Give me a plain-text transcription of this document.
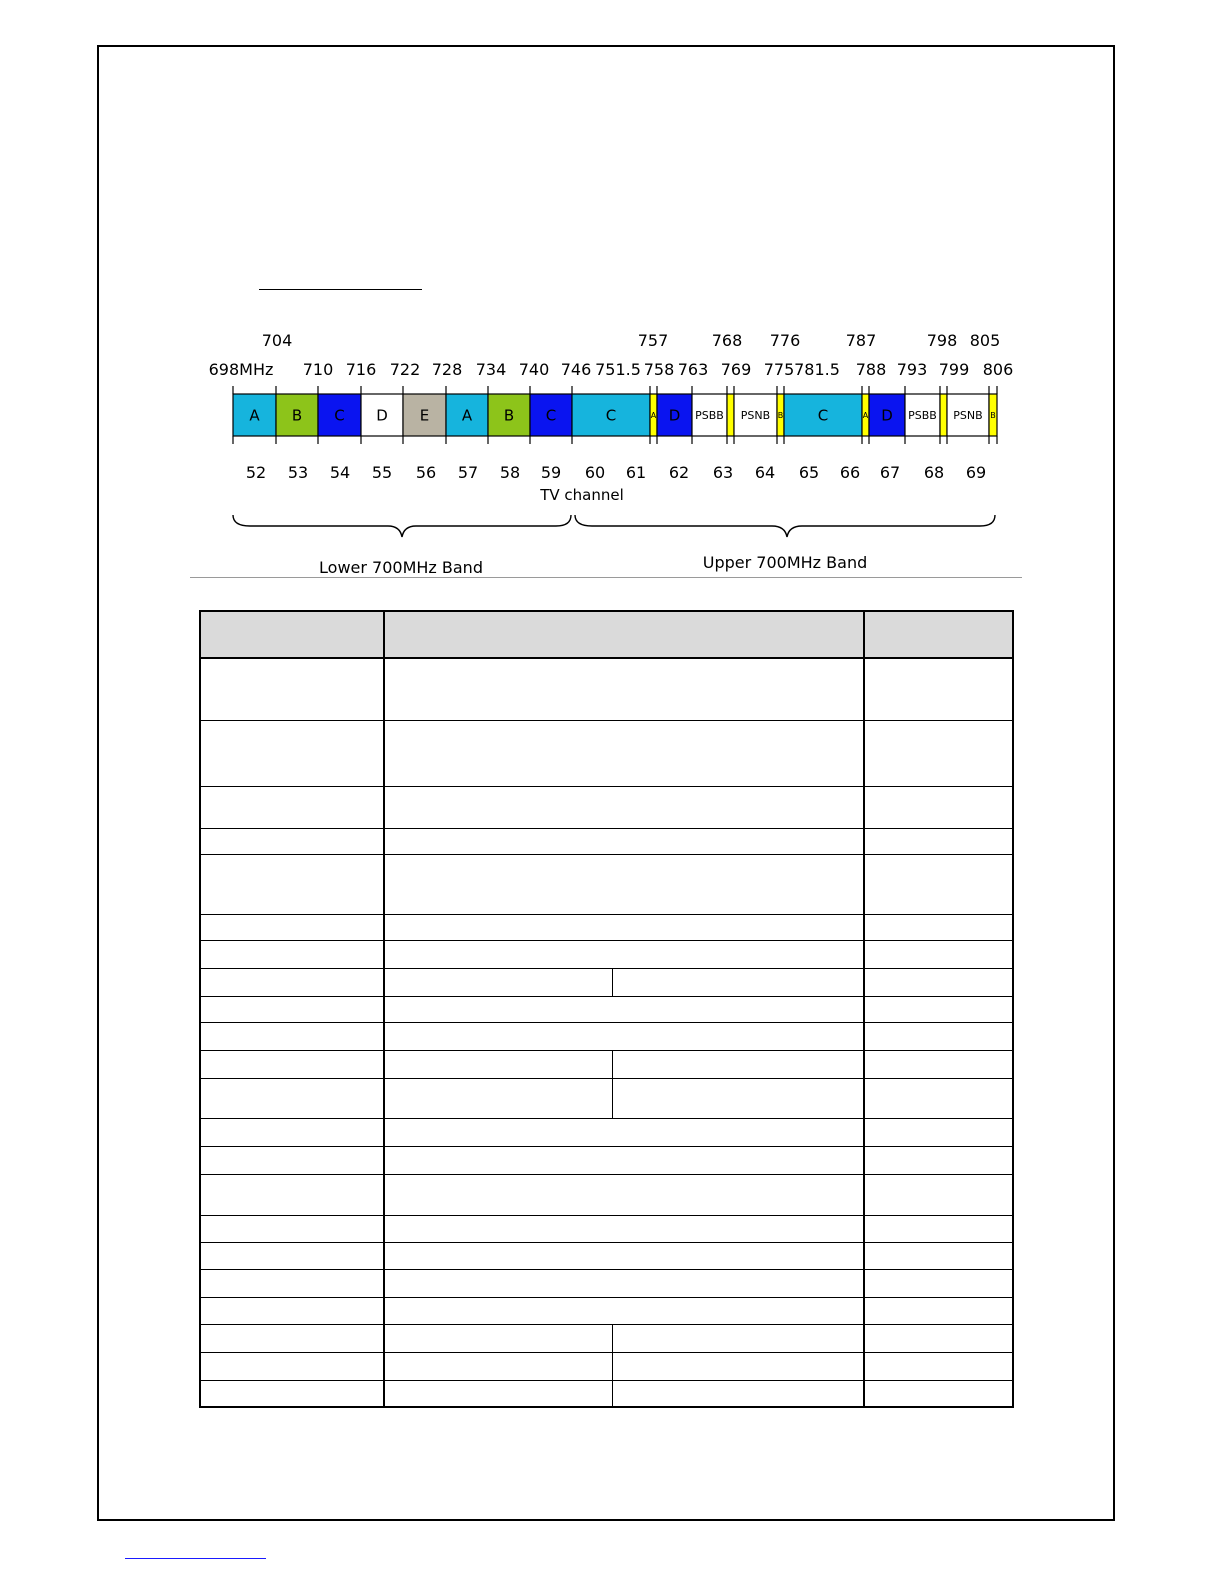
A B C D E A B C	C	A D PSBB PSNB B C	A D PSBB PSNB B
704	757	768 776	787	798 805
698MHz 710 716 722 728 734 740 746 751.5 758 763 769 775 781.5 788 793 799 806
52 53 54 55 56 57 58 59 60 61 62 63 64 65 66 67 68 69
TV channel
Lower 700MHz Band	Upper 700MHz Band
